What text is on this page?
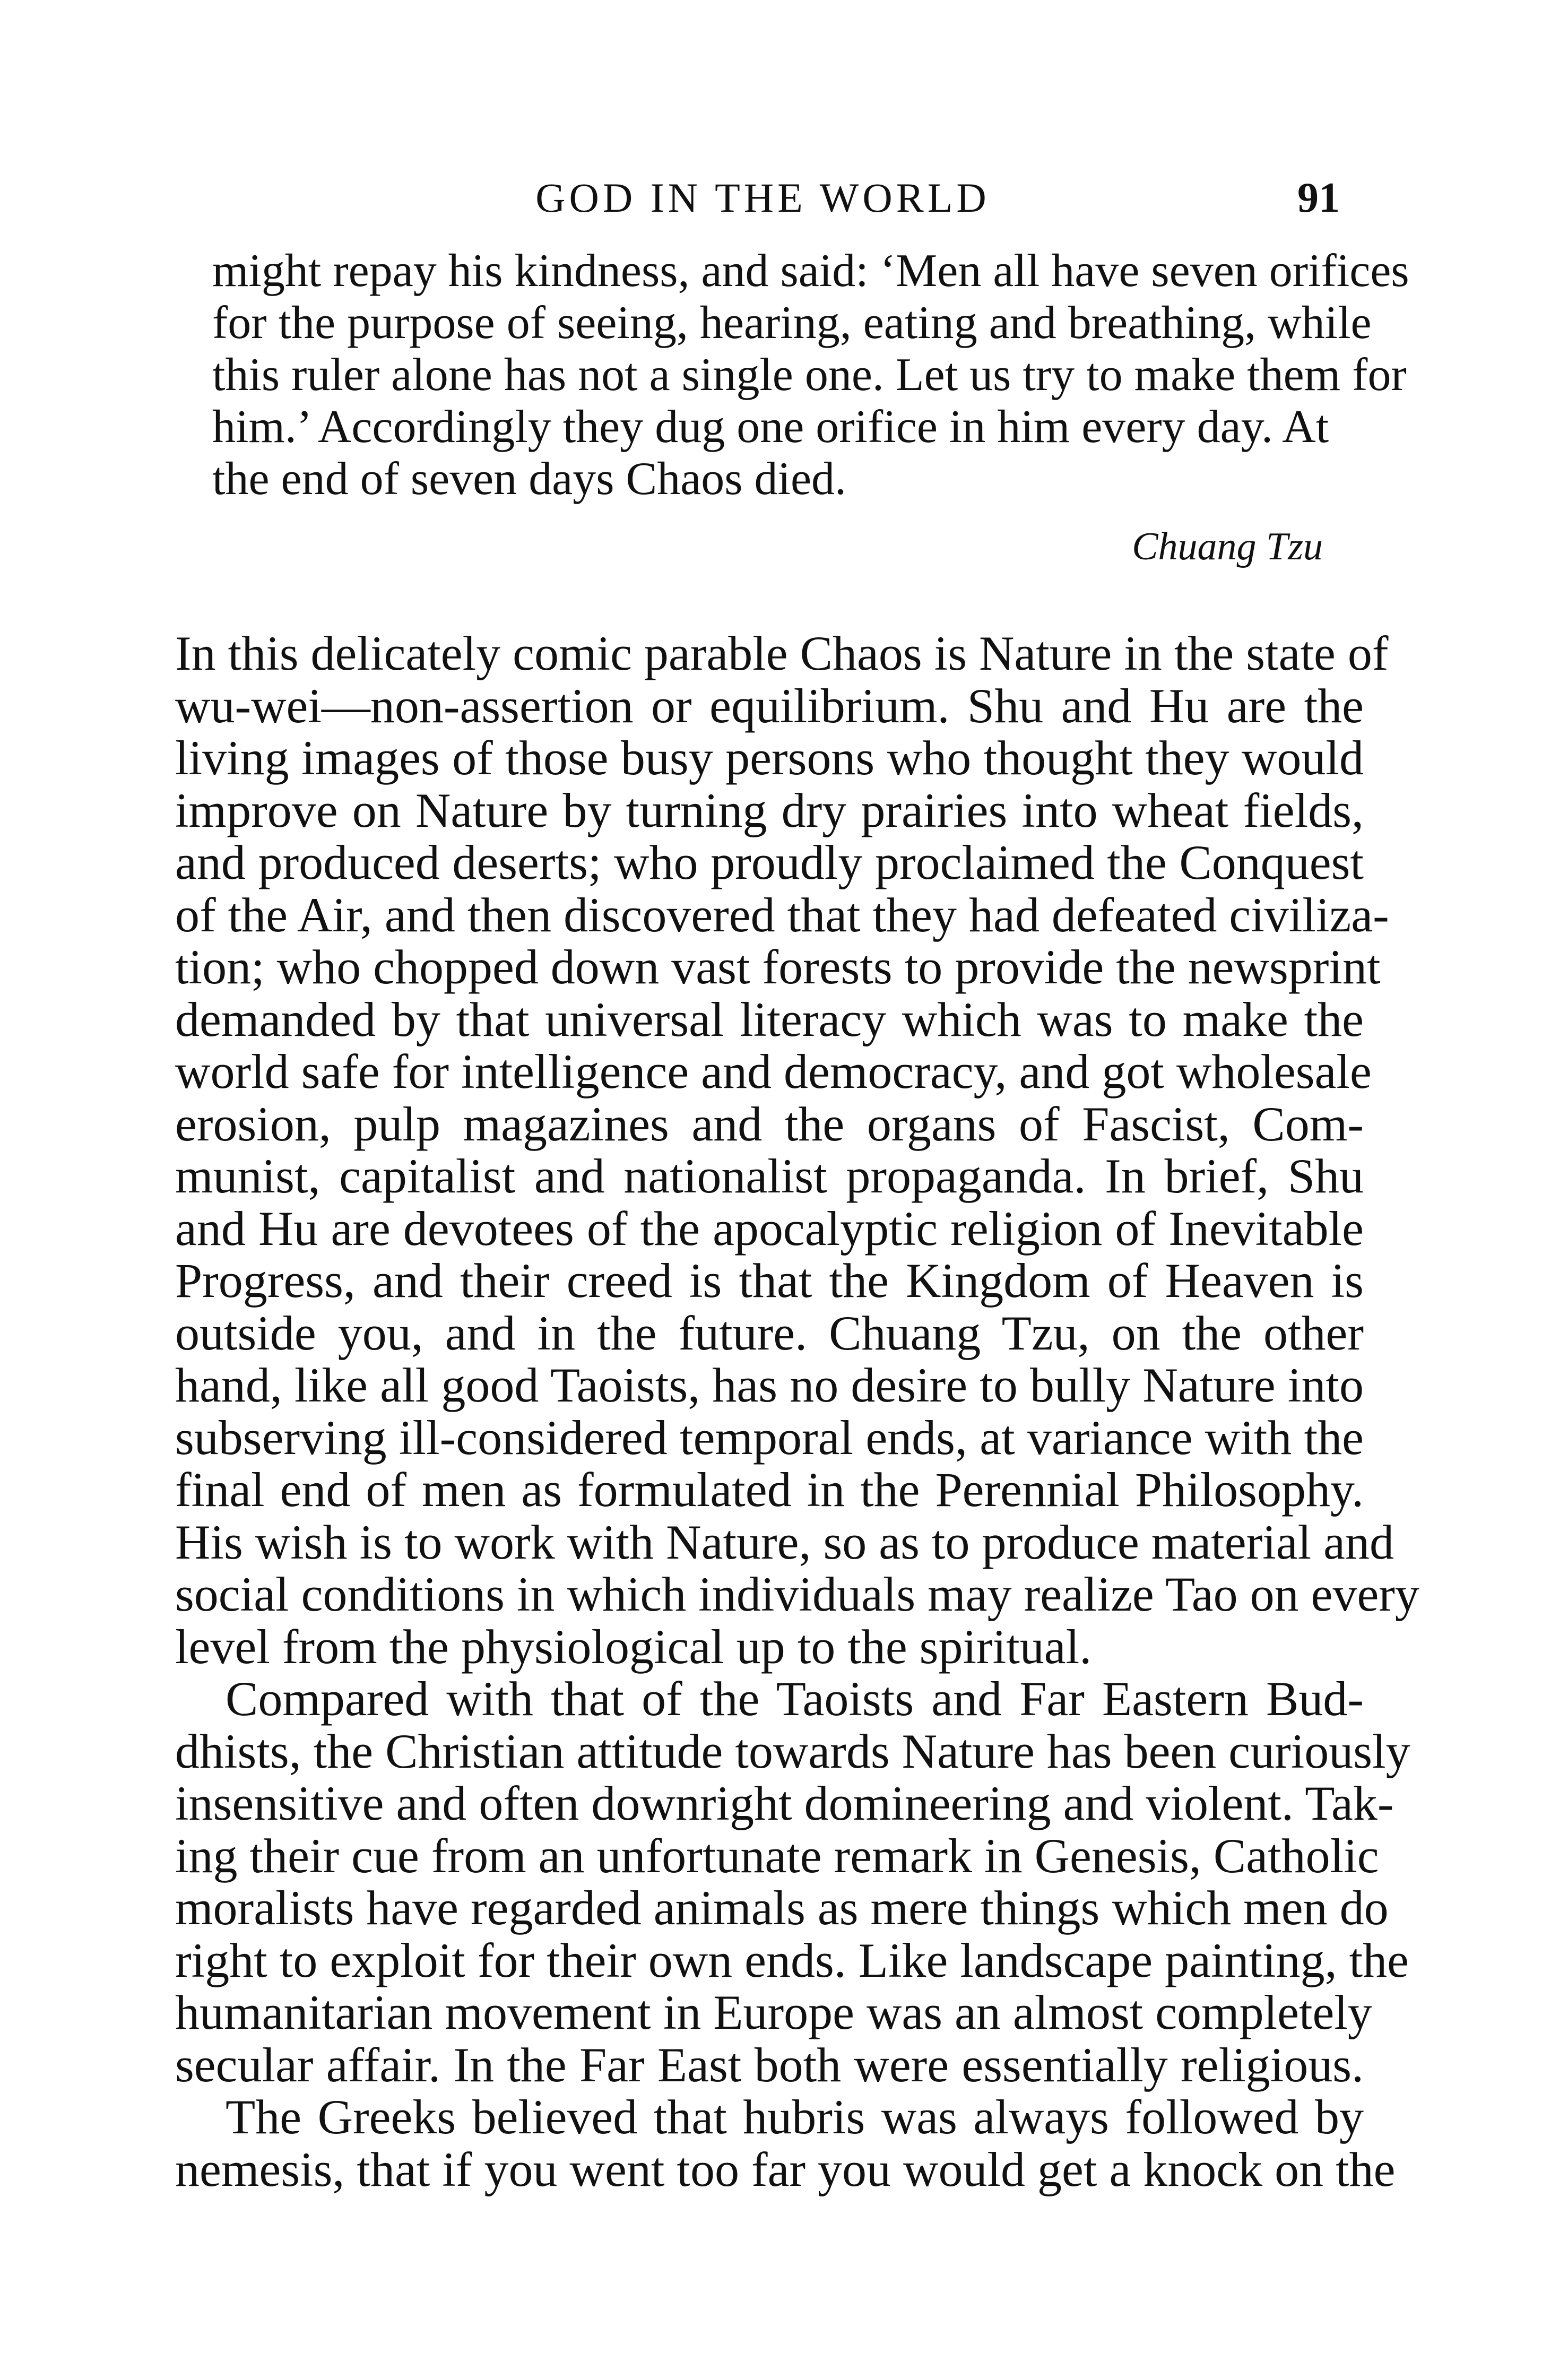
GOD IN THE WORLD	91
might repay his kindness, and said: ‘Men all have seven orifices
for the purpose of seeing, hearing, eating and breathing, while
this ruler alone has not a single one. Let us try to make them for
him.’ Accordingly they dug one orifice in him every day. At
the end of seven days Chaos died.
Chuang Tzu
In this delicately comic parable Chaos is Nature in the state of
wu-wei—non-assertion or equilibrium. Shu and Hu are the
living images of those busy persons who thought they would
improve on Nature by turning dry prairies into wheat fields,
and produced deserts; who proudly proclaimed the Conquest
of the Air, and then discovered that they had defeated civiliza-
tion; who chopped down vast forests to provide the newsprint
demanded by that universal literacy which was to make the
world safe for intelligence and democracy, and got wholesale
erosion, pulp magazines and the organs of Fascist, Com-
munist, capitalist and nationalist propaganda. In brief, Shu
and Hu are devotees of the apocalyptic religion of Inevitable
Progress, and their creed is that the Kingdom of Heaven is
outside you, and in the future. Chuang Tzu, on the other
hand, like all good Taoists, has no desire to bully Nature into
subserving ill-considered temporal ends, at variance with the
final end of men as formulated in the Perennial Philosophy.
His wish is to work with Nature, so as to produce material and
social conditions in which individuals may realize Tao on every
level from the physiological up to the spiritual.
Compared with that of the Taoists and Far Eastern Bud-
dhists, the Christian attitude towards Nature has been curiously
insensitive and often downright domineering and violent. Tak-
ing their cue from an unfortunate remark in Genesis, Catholic
moralists have regarded animals as mere things which men do
right to exploit for their own ends. Like landscape painting, the
humanitarian movement in Europe was an almost completely
secular affair. In the Far East both were essentially religious.
The Greeks believed that hubris was always followed by
nemesis, that if you went too far you would get a knock on the
